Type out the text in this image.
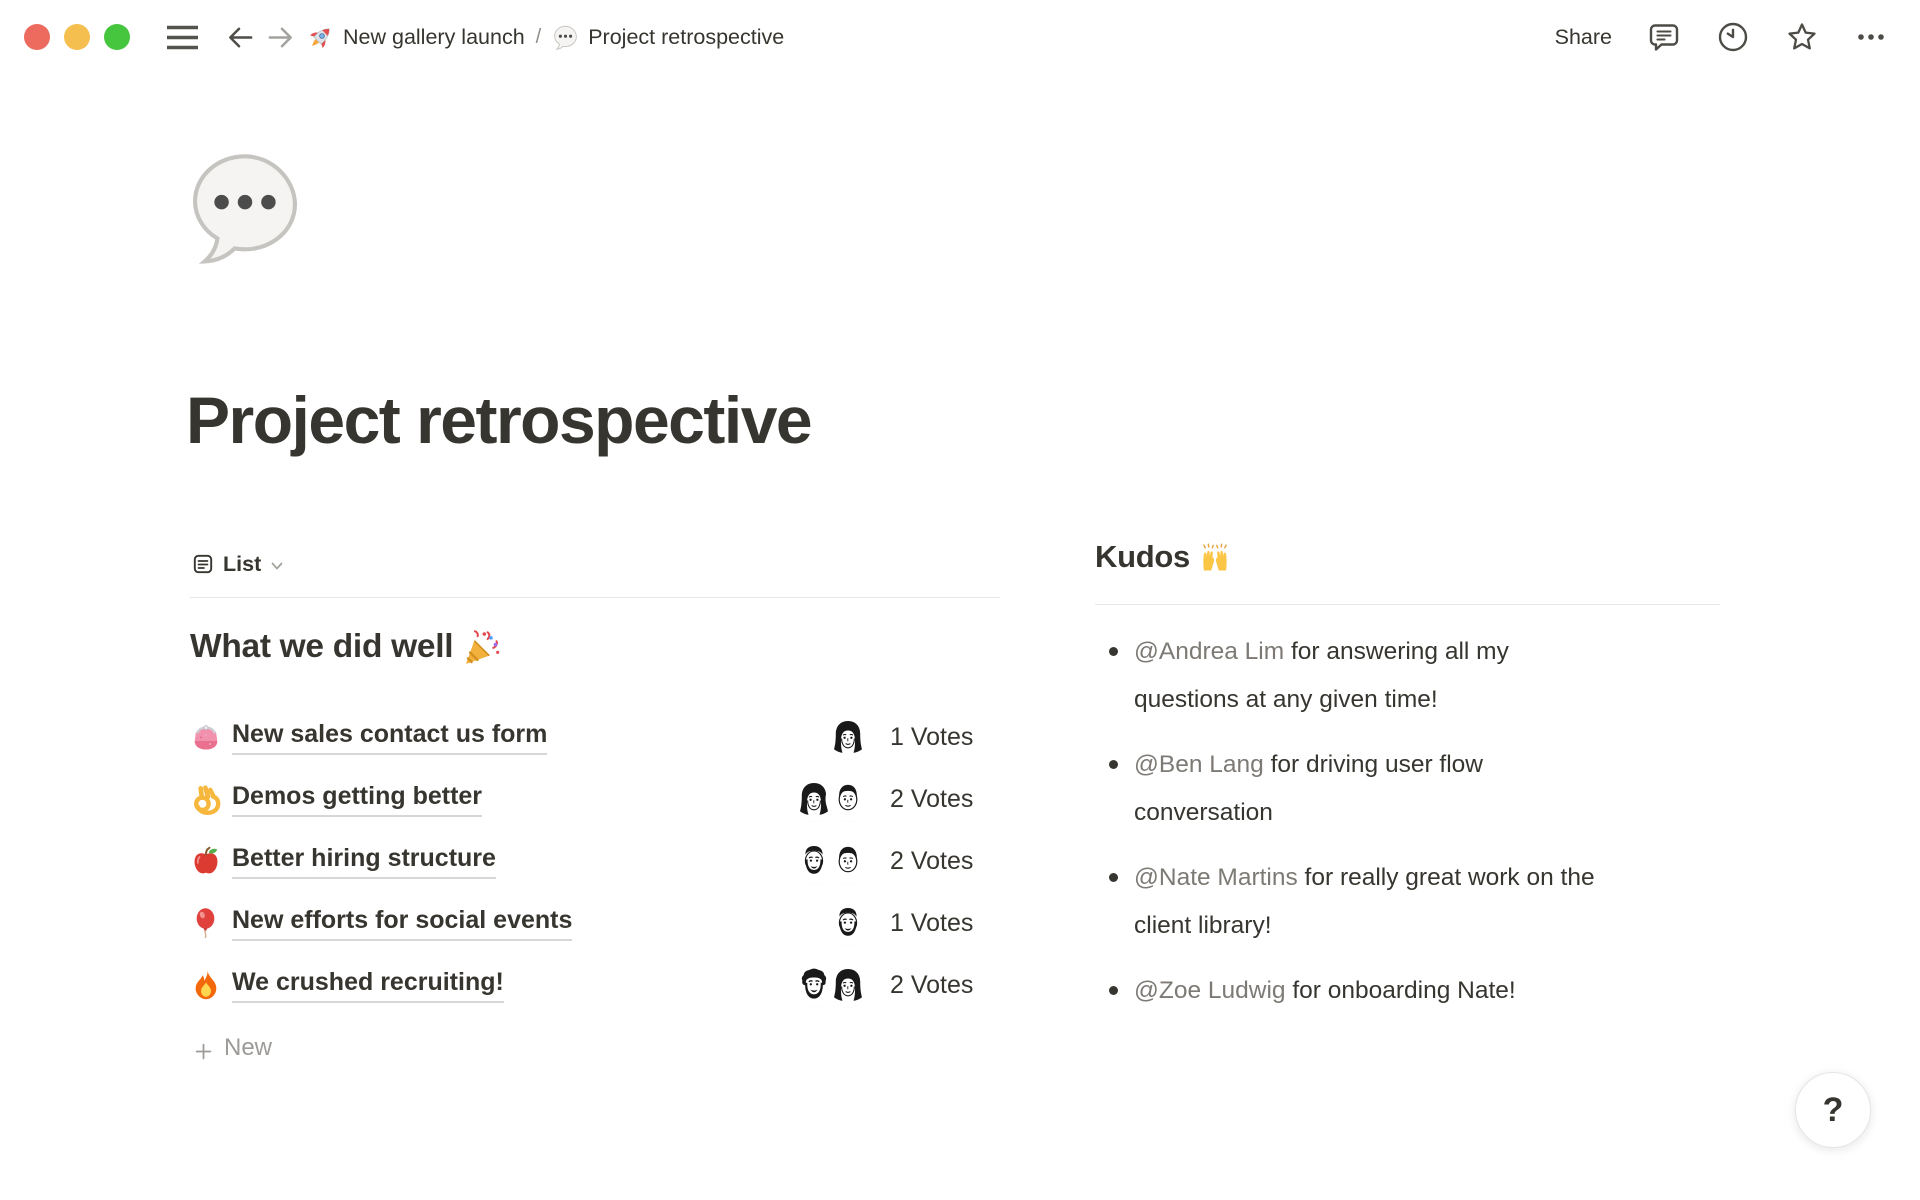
New gallery launch / Project retrospective	Share
Project retrospective
List
What we did well
New sales contact us form	1 Votes
Demos getting better	2 Votes
Better hiring structure	2 Votes
New efforts for social events	1 Votes
We crushed recruiting!	2 Votes
New
Kudos
@Andrea Lim for answering all my questions at any given time!
@Ben Lang for driving user flow conversation
@Nate Martins for really great work on the client library!
@Zoe Ludwig for onboarding Nate!
?
